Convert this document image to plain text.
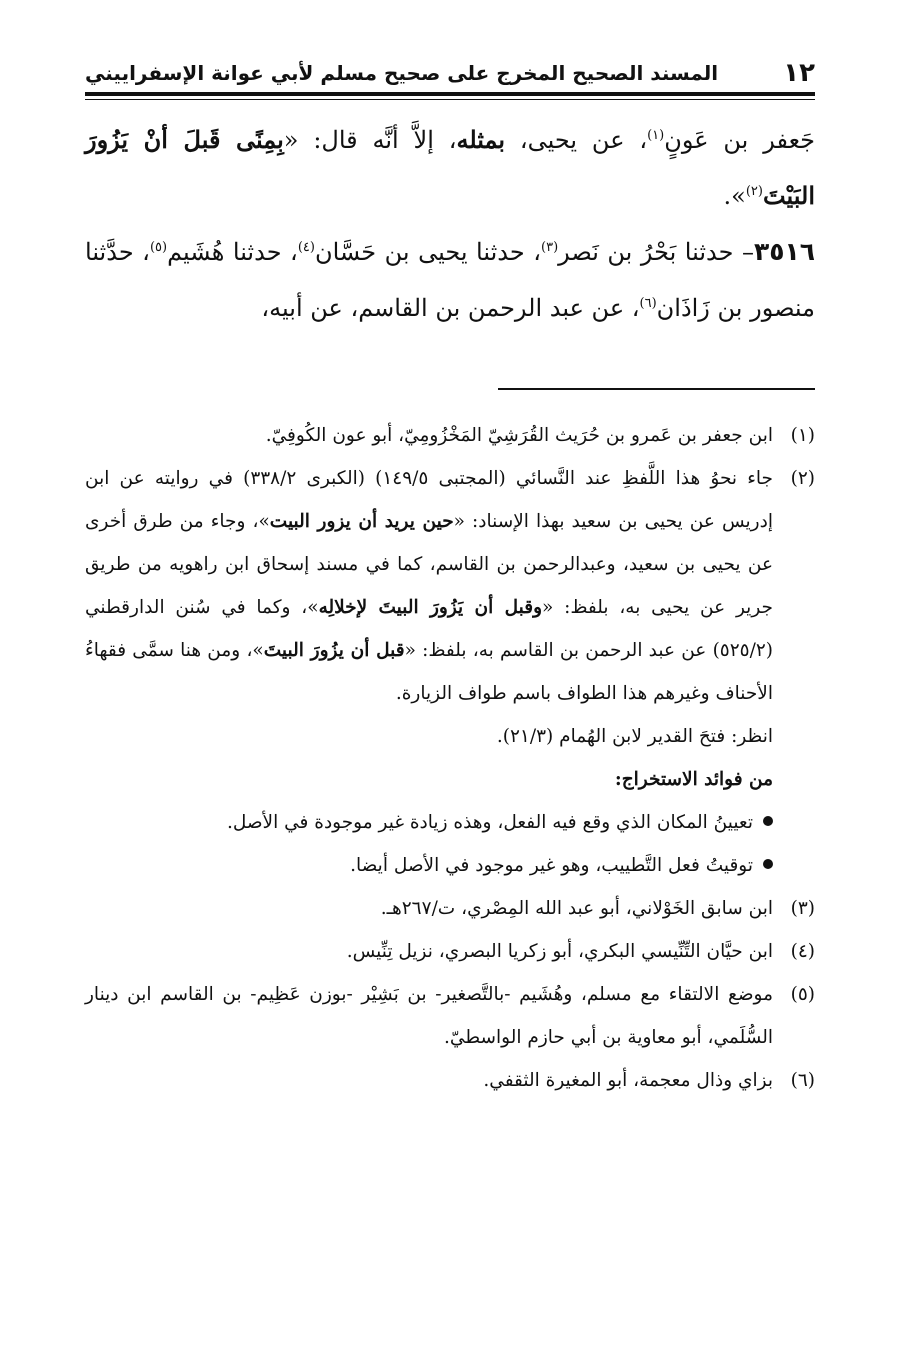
١٢
المسند الصحيح المخرج على صحيح مسلم لأبي عوانة الإسفراييني

جَعفر بن عَونٍ$^{(١)}$، عن يحيى، بمثله، إلاَّ أنَّه قال: «بِمِنًى قَبلَ أنْ يَزُورَ البَيْتَ$^{(٢)}$».

٣٥١٦– حدثنا بَحْرُ بن نَصر$^{(٣)}$، حدثنا يحيى بن حَسَّان$^{(٤)}$، حدثنا هُشَيم$^{(٥)}$، حدَّثنا منصور بن زَاذَان$^{(٦)}$، عن عبد الرحمن بن القاسم، عن أبيه،

(١)ابن جعفر بن عَمرو بن حُرَيث القُرَشِيّ المَخْزُومِيّ، أبو عون الكُوفِيّ.

(٢)جاء نحوُ هذا اللَّفظِ عند النَّسائي (المجتبى ١٤٩/٥) (الكبرى ٣٣٨/٢) في روايته عن ابن إدريس عن يحيى بن سعيد بهذا الإسناد: «حين يريد أن يزور البيت»، وجاء من طرق أخرى عن يحيى بن سعيد، وعبدالرحمن بن القاسم، كما في مسند إسحاق ابن راهويه من طريق جرير عن يحيى به، بلفظ: «وقبل أن يَزُورَ البيتَ لإخلالِه»، وكما في سُنن الدارقطني (٥٢٥/٢) عن عبد الرحمن بن القاسم به، بلفظ: «قبل أن يزُورَ البيتَ»، ومن هنا سمَّى فقهاءُ الأحناف وغيرهم هذا الطواف باسم طواف الزيارة.

انظر: فتحَ القدير لابن الهُمام (٢١/٣).

من فوائد الاستخراج:

تعيينُ المكان الذي وقع فيه الفعل، وهذه زيادة غير موجودة في الأصل.
توقيتُ فعل التَّطييب، وهو غير موجود في الأصل أيضا.

(٣)ابن سابق الخَوْلاني، أبو عبد الله المِصْري، ت/٢٦٧هـ.

(٤)ابن حيَّان التِّنِّيسي البكري، أبو زكريا البصري، نزيل تِنِّيس.

(٥)موضع الالتقاء مع مسلم، وهُشَيم -بالتَّصغير- بن بَشِيْر -بوزن عَظِيم- بن القاسم ابن دينار السُّلَمي، أبو معاوية بن أبي حازم الواسطيّ.

(٦)بزاي وذال معجمة، أبو المغيرة الثقفي.
